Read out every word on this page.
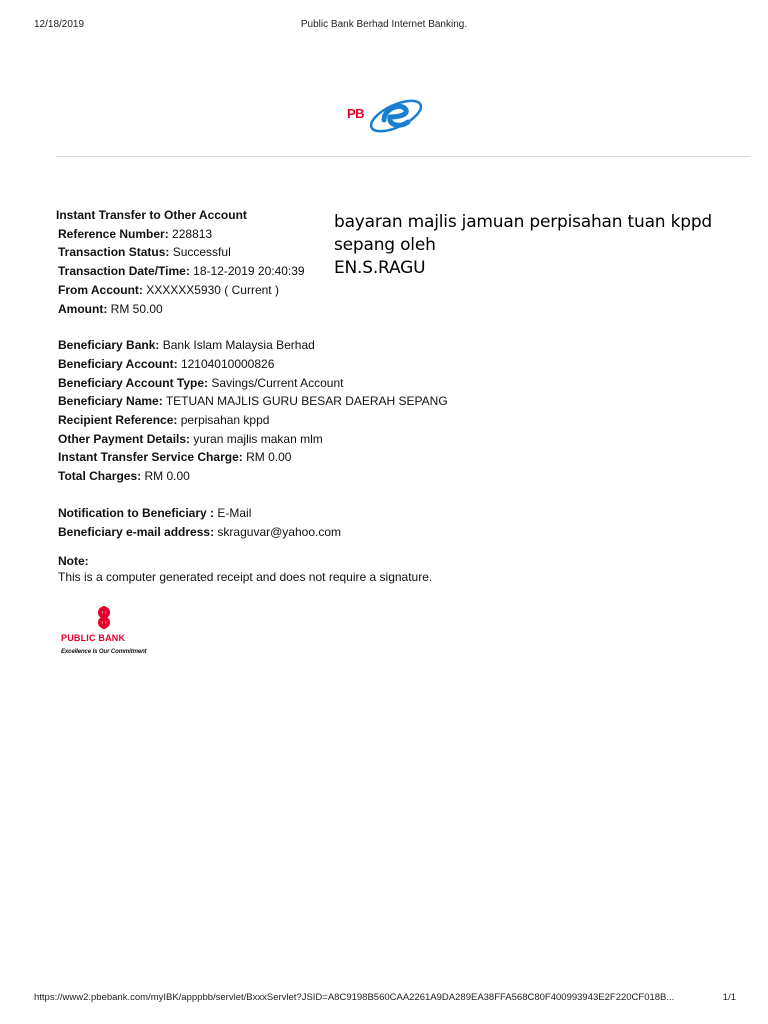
12/18/2019	Public Bank Berhad Internet Banking.
PB
Instant Transfer to Other Account
Reference Number: 228813
Transaction Status: Successful
Transaction Date/Time: 18-12-2019 20:40:39
From Account: XXXXXX5930 ( Current )
Amount: RM 50.00
Beneficiary Bank: Bank Islam Malaysia Berhad
Beneficiary Account: 12104010000826
Beneficiary Account Type: Savings/Current Account
Beneficiary Name: TETUAN MAJLIS GURU BESAR DAERAH SEPANG
Recipient Reference: perpisahan kppd
Other Payment Details: yuran majlis makan mlm
Instant Transfer Service Charge: RM 0.00
Total Charges: RM 0.00
Notification to Beneficiary : E-Mail
Beneficiary e-mail address: skraguvar@yahoo.com
bayaran majlis jamuan perpisahan tuan kppd
sepang oleh
EN.S.RAGU
Note:
This is a computer generated receipt and does not require a signature.
PUBLIC BANK
Excellence Is Our Commitment
https://www2.pbebank.com/myIBK/apppbb/servlet/BxxxServlet?JSID=A8C9198B560CAA2261A9DA289EA38FFA568C80F400993943E2F220CF018B...	1/1
